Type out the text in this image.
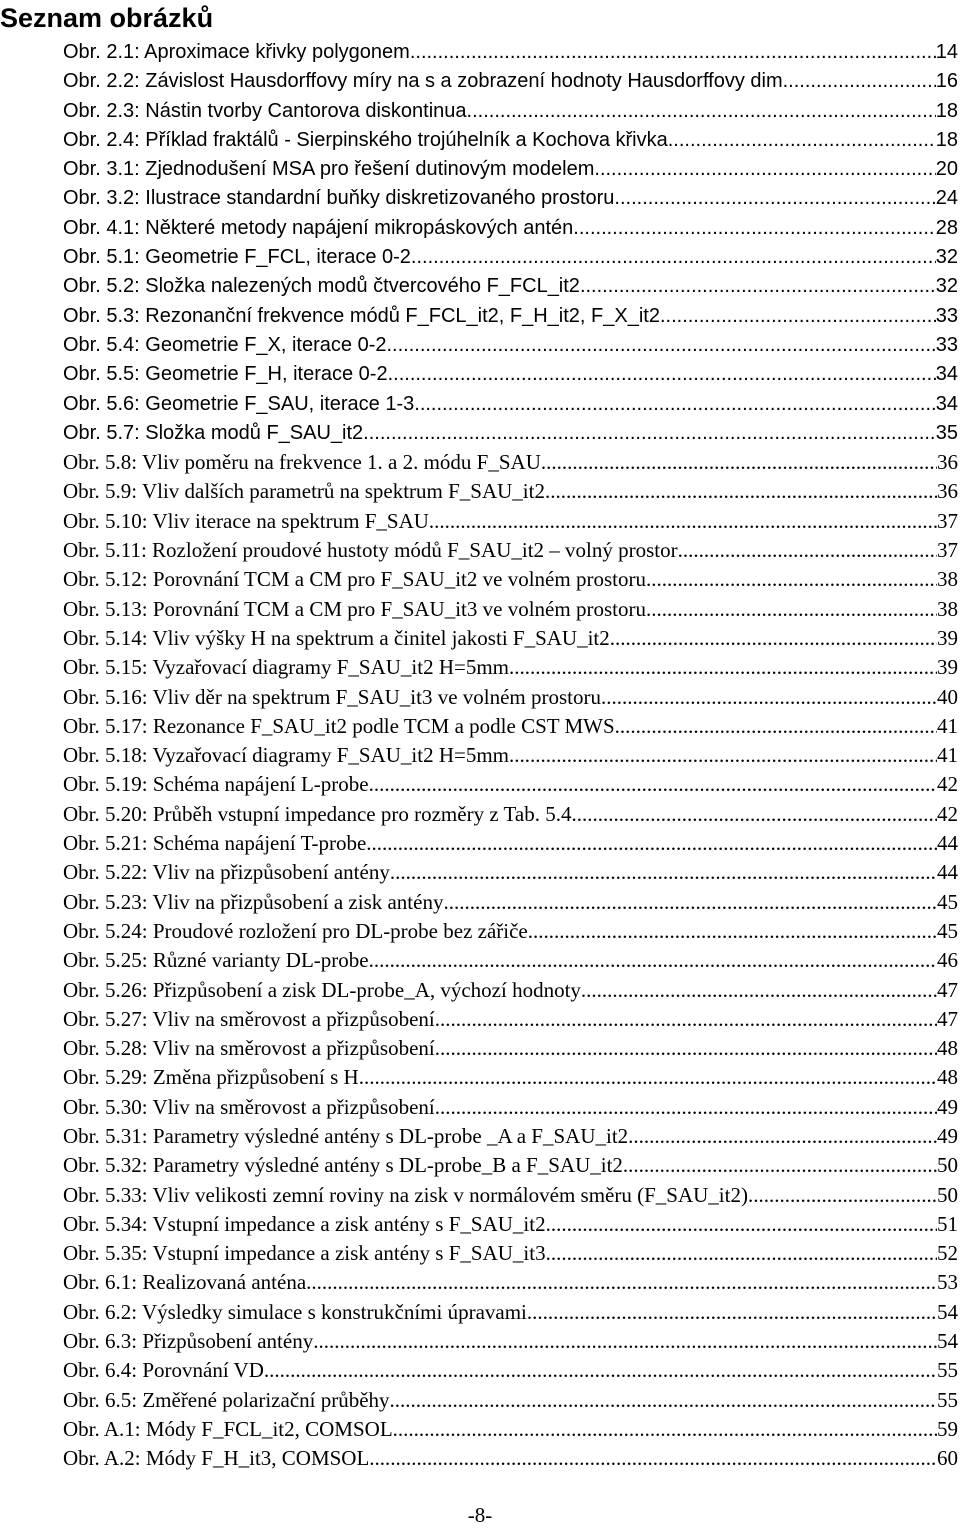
Seznam obrázků
Obr. 2.1: Aproximace křivky polygonem .....	14
Obr. 2.2: Závislost Hausdorffovy míry na s a zobrazení hodnoty Hausdorffovy dim. .....	16
Obr. 2.3: Nástin tvorby Cantorova diskontinua .....	18
Obr. 2.4: Příklad fraktálů - Sierpinského trojúhelník a Kochova křivka .....	18
Obr. 3.1: Zjednodušení MSA pro řešení dutinovým modelem .....	20
Obr. 3.2: Ilustrace standardní buňky diskretizovaného prostoru .....	24
Obr. 4.1: Některé metody napájení mikropáskových antén .....	28
Obr. 5.1: Geometrie F_FCL, iterace 0-2 .....	32
Obr. 5.2: Složka nalezených modů čtvercového F_FCL_it2 .....	32
Obr. 5.3: Rezonanční frekvence módů F_FCL_it2, F_H_it2, F_X_it2 .....	33
Obr. 5.4: Geometrie F_X, iterace 0-2 .....	33
Obr. 5.5: Geometrie F_H, iterace 0-2 .....	34
Obr. 5.6: Geometrie F_SAU, iterace 1-3 .....	34
Obr. 5.7: Složka modů F_SAU_it2 .....	35
Obr. 5.8: Vliv poměru na frekvence 1. a 2. módu F_SAU .....	36
Obr. 5.9: Vliv dalších parametrů na spektrum F_SAU_it2 .....	36
Obr. 5.10: Vliv iterace na spektrum F_SAU .....	37
Obr. 5.11: Rozložení proudové hustoty módů F_SAU_it2 – volný prostor .....	37
Obr. 5.12: Porovnání TCM a CM pro F_SAU_it2 ve volném prostoru .....	38
Obr. 5.13: Porovnání TCM a CM pro F_SAU_it3 ve volném prostoru .....	38
Obr. 5.14: Vliv výšky H na spektrum a činitel jakosti F_SAU_it2 .....	39
Obr. 5.15: Vyzařovací diagramy F_SAU_it2 H=5mm .....	39
Obr. 5.16: Vliv děr na spektrum F_SAU_it3 ve volném prostoru .....	40
Obr. 5.17: Rezonance F_SAU_it2 podle TCM a podle CST MWS .....	41
Obr. 5.18: Vyzařovací diagramy F_SAU_it2 H=5mm .....	41
Obr. 5.19: Schéma napájení L-probe .....	42
Obr. 5.20: Průběh vstupní impedance pro rozměry z Tab. 5.4 .....	42
Obr. 5.21: Schéma napájení T-probe .....	44
Obr. 5.22: Vliv na přizpůsobení antény .....	44
Obr. 5.23: Vliv na přizpůsobení a zisk antény .....	45
Obr. 5.24: Proudové rozložení pro DL-probe bez zářiče .....	45
Obr. 5.25: Různé varianty DL-probe .....	46
Obr. 5.26: Přizpůsobení a zisk DL-probe_A, výchozí hodnoty .....	47
Obr. 5.27: Vliv na směrovost a přizpůsobení .....	47
Obr. 5.28: Vliv na směrovost a přizpůsobení .....	48
Obr. 5.29: Změna přizpůsobení s H .....	48
Obr. 5.30: Vliv na směrovost a přizpůsobení .....	49
Obr. 5.31: Parametry výsledné antény s DL-probe _A a F_SAU_it2 .....	49
Obr. 5.32: Parametry výsledné antény s DL-probe_B a F_SAU_it2 .....	50
Obr. 5.33: Vliv velikosti zemní roviny na zisk v normálovém směru (F_SAU_it2) .....	50
Obr. 5.34: Vstupní impedance a zisk antény s F_SAU_it2 .....	51
Obr. 5.35: Vstupní impedance a zisk antény s F_SAU_it3 .....	52
Obr. 6.1: Realizovaná anténa .....	53
Obr. 6.2: Výsledky simulace s konstrukčními úpravami .....	54
Obr. 6.3: Přizpůsobení antény .....	54
Obr. 6.4: Porovnání VD .....	55
Obr. 6.5: Změřené polarizační průběhy .....	55
Obr. A.1: Módy F_FCL_it2, COMSOL .....	59
Obr. A.2: Módy F_H_it3, COMSOL .....	60
-8-
